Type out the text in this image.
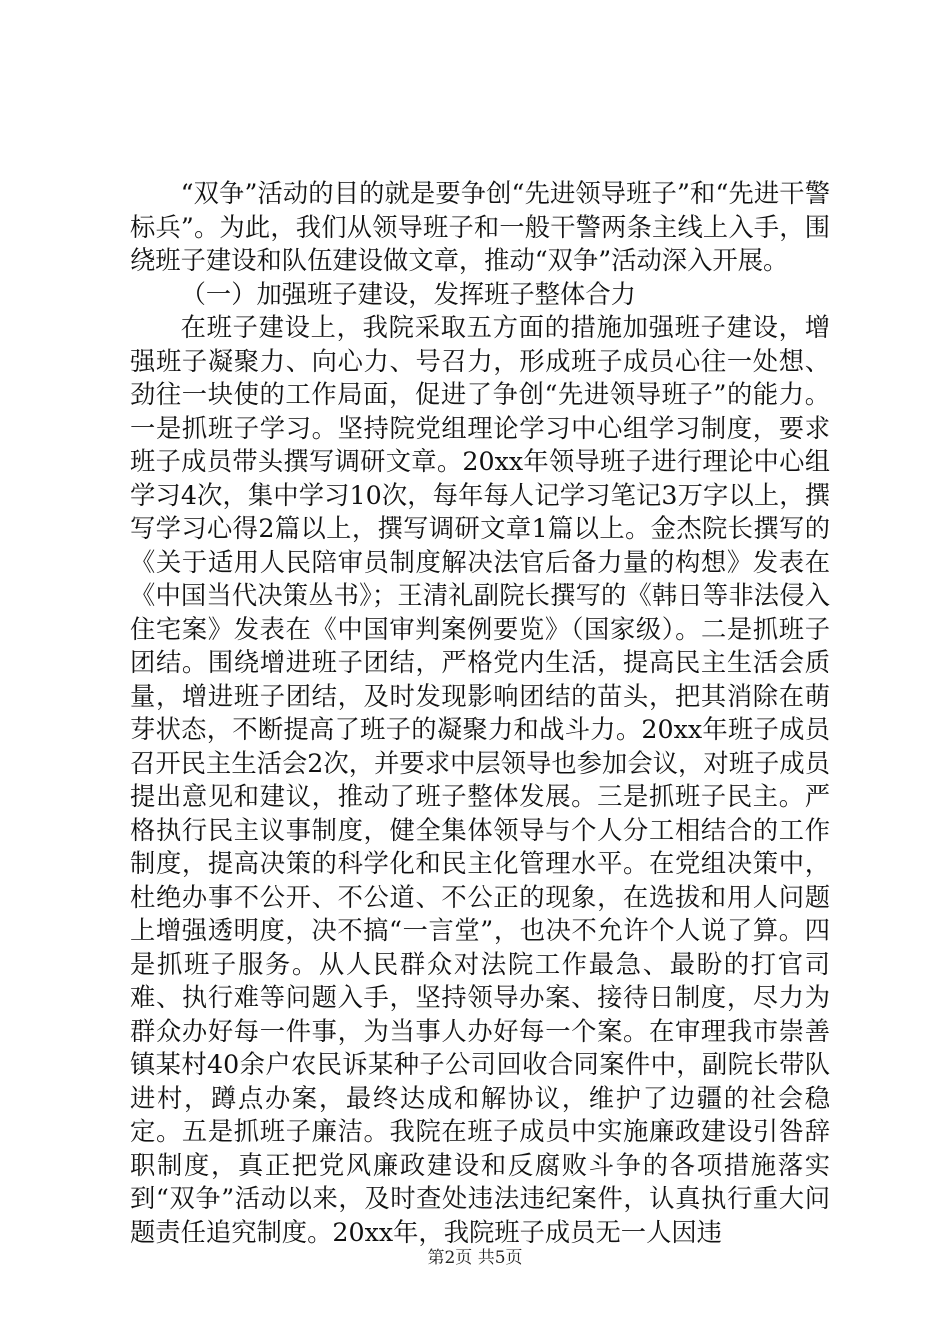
“双争”活动的目的就是要争创“先进领导班子”和“先进干警标兵”。为此，我们从领导班子和一般干警两条主线上入手，围绕班子建设和队伍建设做文章，推动“双争”活动深入开展。

（一）加强班子建设，发挥班子整体合力

在班子建设上，我院采取五方面的措施加强班子建设，增强班子凝聚力、向心力、号召力，形成班子成员心往一处想、劲往一块使的工作局面，促进了争创“先进领导班子”的能力。一是抓班子学习。坚持院党组理论学习中心组学习制度，要求班子成员带头撰写调研文章。20xx年领导班子进行理论中心组学习4次，集中学习10次，每年每人记学习笔记3万字以上，撰写学习心得2篇以上，撰写调研文章1篇以上。金杰院长撰写的《关于适用人民陪审员制度解决法官后备力量的构想》发表在《中国当代决策丛书》；王清礼副院长撰写的《韩日等非法侵入住宅案》发表在《中国审判案例要览》（国家级）。二是抓班子团结。围绕增进班子团结，严格党内生活，提高民主生活会质量，增进班子团结，及时发现影响团结的苗头，把其消除在萌芽状态，不断提高了班子的凝聚力和战斗力。20xx年班子成员召开民主生活会2次，并要求中层领导也参加会议，对班子成员提出意见和建议，推动了班子整体发展。三是抓班子民主。严格执行民主议事制度，健全集体领导与个人分工相结合的工作制度，提高决策的科学化和民主化管理水平。在党组决策中，杜绝办事不公开、不公道、不公正的现象，在选拔和用人问题上增强透明度，决不搞“一言堂”，也决不允许个人说了算。四是抓班子服务。从人民群众对法院工作最急、最盼的打官司难、执行难等问题入手，坚持领导办案、接待日制度，尽力为群众办好每一件事，为当事人办好每一个案。在审理我市崇善镇某村40余户农民诉某种子公司回收合同案件中，副院长带队进村，蹲点办案，最终达成和解协议，维护了边疆的社会稳定。五是抓班子廉洁。我院在班子成员中实施廉政建设引咎辞职制度，真正把党风廉政建设和反腐败斗争的各项措施落实到“双争”活动以来，及时查处违法违纪案件，认真执行重大问题责任追究制度。20xx年，我院班子成员无一人因违

第2页 共5页
